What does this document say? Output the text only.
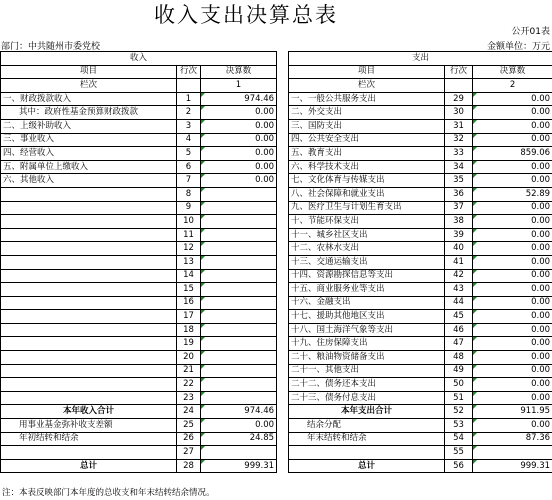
收入支出决算总表
公开01表
部门：中共随州市委党校	金额单位：万元
收入				支出		
项目	行次	决算数		项目	行次	决算数
栏次		1		栏次		2
一、财政拨款收入	1	974.46		一、一般公共服务支出	29	0.00
其中：政府性基金预算财政拨款	2	0.00		二、外交支出	30	0.00
二、上级补助收入	3	0.00		三、国防支出	31	0.00
三、事业收入	4	0.00		四、公共安全支出	32	0.00
四、经营收入	5	0.00		五、教育支出	33	859.06
五、附属单位上缴收入	6	0.00		六、科学技术支出	34	0.00
六、其他收入	7	0.00		七、文化体育与传媒支出	35	0.00
	8			八、社会保障和就业支出	36	52.89
	9			九、医疗卫生与计划生育支出	37	0.00
	10			十、节能环保支出	38	0.00
	11			十一、城乡社区支出	39	0.00
	12			十二、农林水支出	40	0.00
	13			十三、交通运输支出	41	0.00
	14			十四、资源勘探信息等支出	42	0.00
	15			十五、商业服务业等支出	43	0.00
	16			十六、金融支出	44	0.00
	17			十七、援助其他地区支出	45	0.00
	18			十八、国土海洋气象等支出	46	0.00
	19			十九、住房保障支出	47	0.00
	20			二十、粮油物资储备支出	48	0.00
	21			二十一、其他支出	49	0.00
	22			二十二、债务还本支出	50	0.00
	23			二十三、债务付息支出	51	0.00
本年收入合计	24	974.46		本年支出合计	52	911.95
用事业基金弥补收支差额	25	0.00		结余分配	53	0.00
年初结转和结余	26	24.85		年末结转和结余	54	87.36
	27				55	
总计	28	999.31		总计	56	999.31
注：本表反映部门本年度的总收支和年末结转结余情况。
